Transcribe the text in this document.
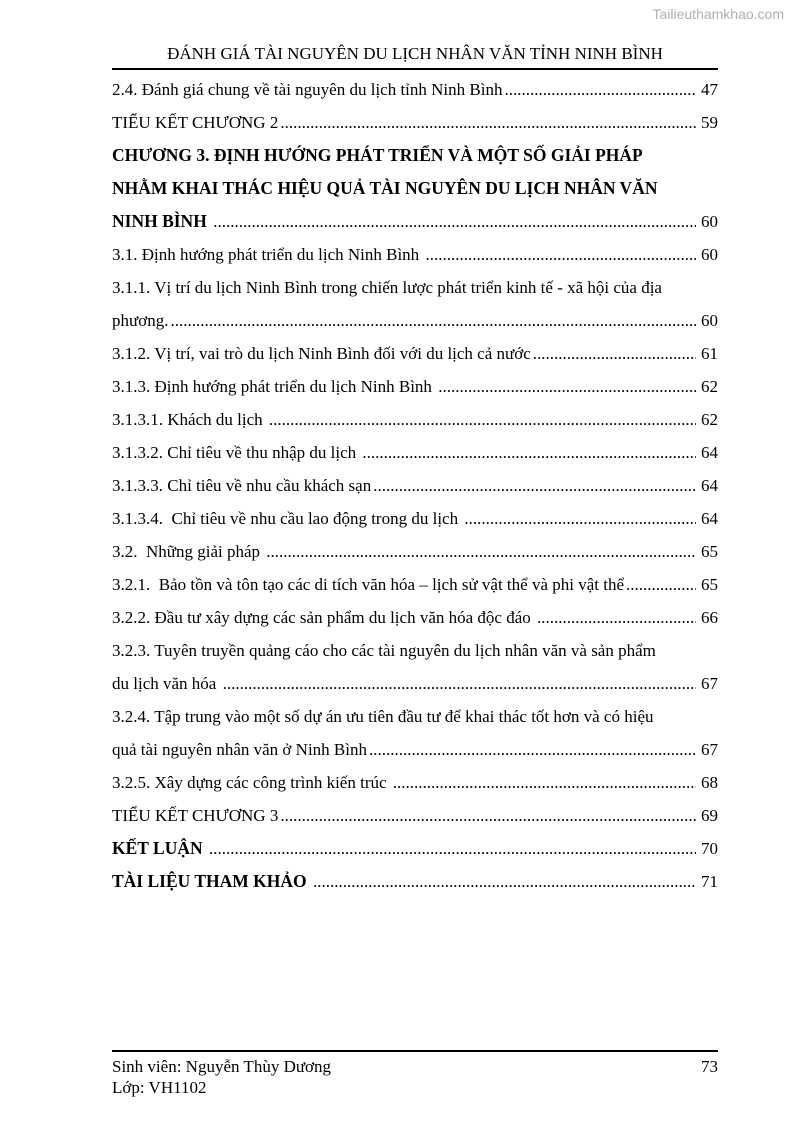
Tailieuthamkhao.com
ĐÁNH GIÁ TÀI NGUYÊN DU LỊCH NHÂN VĂN TỈNH NINH BÌNH
2.4. Đánh giá chung về tài nguyên du lịch tỉnh Ninh Bình .....	47
TIỂU KẾT CHƯƠNG 2 .....	59
CHƯƠNG 3. ĐỊNH HƯỚNG PHÁT TRIỂN VÀ MỘT SỐ GIẢI PHÁP
NHẰM KHAI THÁC HIỆU QUẢ TÀI NGUYÊN DU LỊCH NHÂN VĂN
NINH BÌNH .....	60
3.1. Định hướng phát triển du lịch Ninh Bình .....	60
3.1.1. Vị trí du lịch Ninh Bình trong chiến lược phát triển kinh tế - xã hội của địa
phương. .....	60
3.1.2. Vị trí, vai trò du lịch Ninh Bình đối với du lịch cả nước .....	61
3.1.3. Định hướng phát triển du lịch Ninh Bình .....	62
3.1.3.1. Khách du lịch .....	62
3.1.3.2. Chỉ tiêu về thu nhập du lịch .....	64
3.1.3.3. Chỉ tiêu về nhu cầu khách sạn .....	64
3.1.3.4.  Chỉ tiêu về nhu cầu lao động trong du lịch .....	64
3.2.  Những giải pháp .....	65
3.2.1.  Bảo tồn và tôn tạo các di tích văn hóa – lịch sử vật thể và phi vật thể .....	65
3.2.2. Đầu tư xây dựng các sản phẩm du lịch văn hóa độc đáo .....	66
3.2.3. Tuyên truyền quảng cáo cho các tài nguyên du lịch nhân văn và sản phẩm
du lịch văn hóa .....	67
3.2.4. Tập trung vào một số dự án ưu tiên đầu tư để khai thác tốt hơn và có hiệu
quả tài nguyên nhân văn ở Ninh Bình .....	67
3.2.5. Xây dựng các công trình kiến trúc .....	68
TIỂU KẾT CHƯƠNG 3 .....	69
KẾT LUẬN .....	70
TÀI LIỆU THAM KHẢO .....	71
Sinh viên: Nguyễn Thùy Dương	73
Lớp: VH1102
